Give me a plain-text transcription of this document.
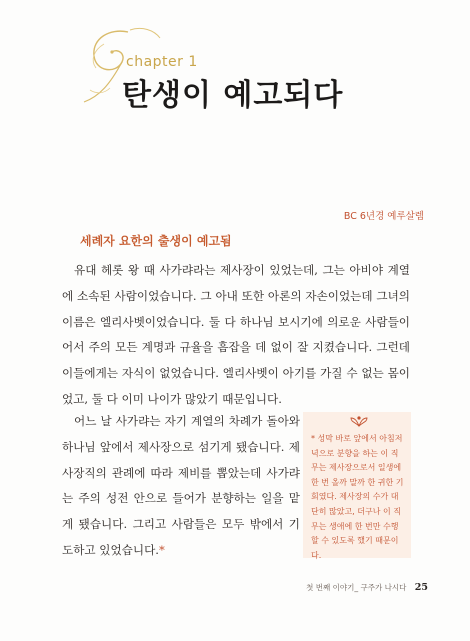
chapter 1
탄생이 예고되다
BC 6년경 예루살렘
세례자 요한의 출생이 예고됨

유대 헤롯 왕 때 사가랴라는 제사장이 있었는데, 그는 아비야 계열에 소속된 사람이었습니다. 그 아내 또한 아론의 자손이었는데 그녀의 이름은 엘리사벳이었습니다. 둘 다 하나님 보시기에 의로운 사람들이어서 주의 모든 계명과 규율을 흠잡을 데 없이 잘 지켰습니다. 그런데 이들에게는 자식이 없었습니다. 엘리사벳이 아기를 가질 수 없는 몸이었고, 둘 다 이미 나이가 많았기 때문입니다.

어느 날 사가랴는 자기 계열의 차례가 돌아와 하나님 앞에서 제사장으로 섬기게 됐습니다. 제사장직의 관례에 따라 제비를 뽑았는데 사가랴는 주의 성전 안으로 들어가 분향하는 일을 맡게 됐습니다. 그리고 사람들은 모두 밖에서 기도하고 있었습니다.*

* 성막 바로 앞에서 아침저녁으로 분향을 하는 이 직무는 제사장으로서 일생에 한 번 올까 말까 한 귀한 기회였다. 제사장의 수가 대단히 많았고, 더구나 이 직무는 생애에 한 번만 수행할 수 있도록 했기 때문이다.
첫 번째 이야기_ 구주가 나시다 25
